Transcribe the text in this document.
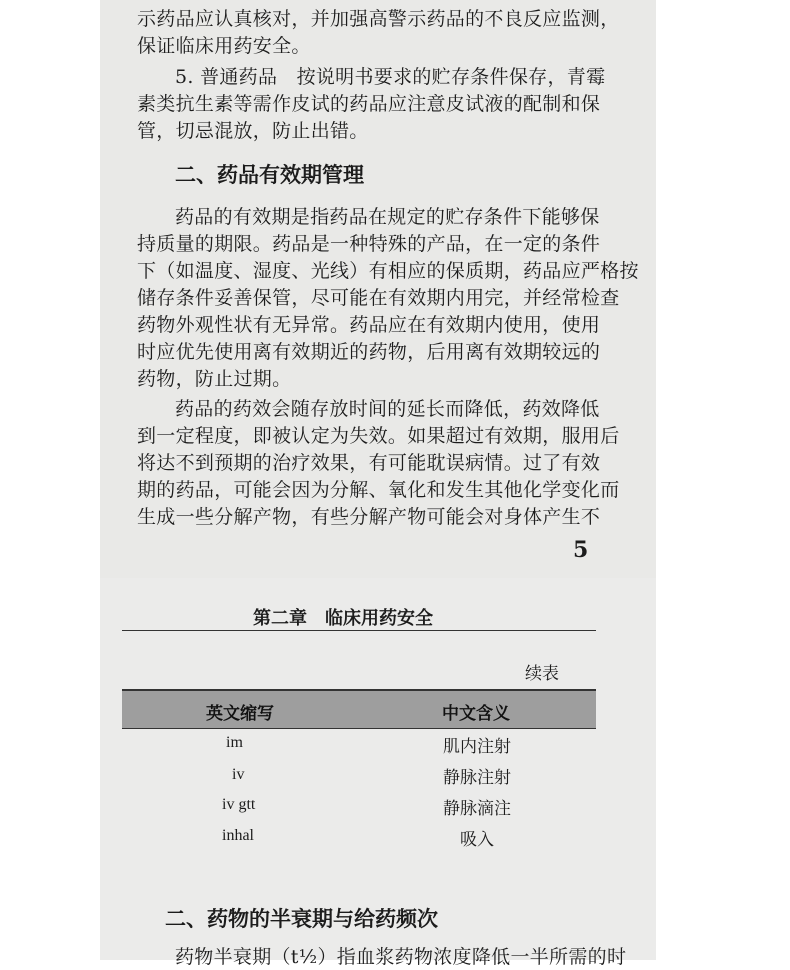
示药品应认真核对，并加强高警示药品的不良反应监测，
保证临床用药安全。
5. 普通药品　按说明书要求的贮存条件保存，青霉
素类抗生素等需作皮试的药品应注意皮试液的配制和保
管，切忌混放，防止出错。
二、药品有效期管理
药品的有效期是指药品在规定的贮存条件下能够保
持质量的期限。药品是一种特殊的产品，在一定的条件
下（如温度、湿度、光线）有相应的保质期，药品应严格按
储存条件妥善保管，尽可能在有效期内用完，并经常检查
药物外观性状有无异常。药品应在有效期内使用，使用
时应优先使用离有效期近的药物，后用离有效期较远的
药物，防止过期。
药品的药效会随存放时间的延长而降低，药效降低
到一定程度，即被认定为失效。如果超过有效期，服用后
将达不到预期的治疗效果，有可能耽误病情。过了有效
期的药品，可能会因为分解、氧化和发生其他化学变化而
生成一些分解产物，有些分解产物可能会对身体产生不
5
第二章　临床用药安全
续表
英文缩写	中文含义
im	肌内注射
iv	静脉注射
iv gtt	静脉滴注
inhal	吸入
二、药物的半衰期与给药频次
药物半衰期（t½）指血浆药物浓度降低一半所需的时
